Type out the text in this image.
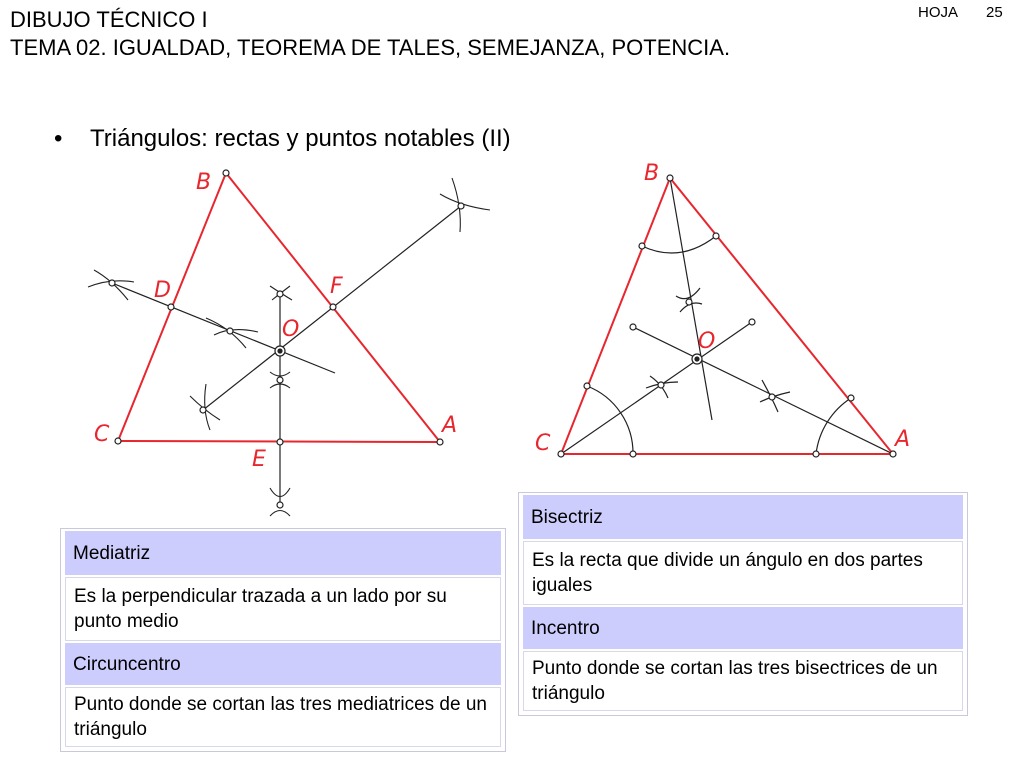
DIBUJO TÉCNICO I
TEMA 02. IGUALDAD, TEOREMA DE TALES, SEMEJANZA, POTENCIA.
HOJA 25
• Triángulos: rectas y puntos notables (II)
B
D	F
O
C	A
E
B
O
C	A
Mediatriz
Es la perpendicular trazada a un lado por su punto medio
Circuncentro
Punto donde se cortan las tres mediatrices de un triángulo
Bisectriz
Es la recta que divide un ángulo en dos partes iguales
Incentro
Punto donde se cortan las tres bisectrices de un triángulo
